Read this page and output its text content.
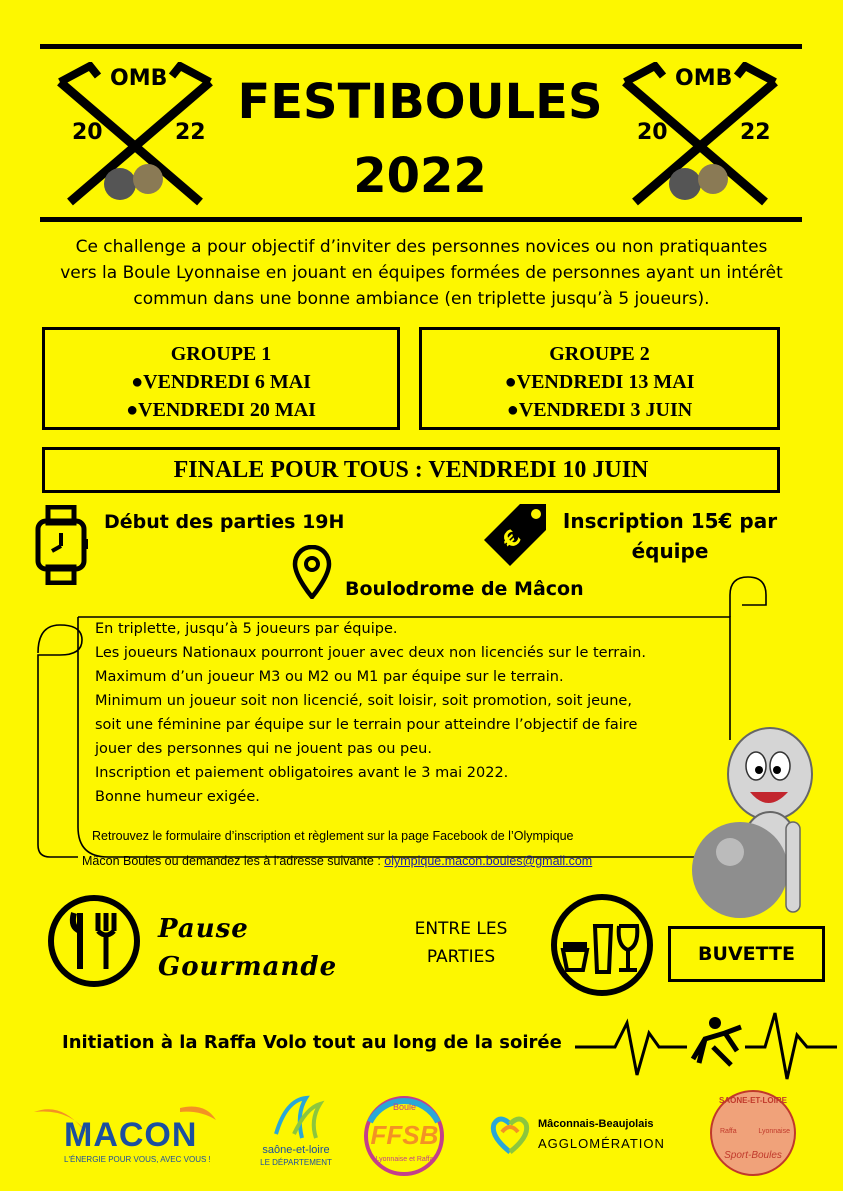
OMB
20	22
OMB
20	22
FESTIBOULES
2022
Ce challenge a pour objectif d’inviter des personnes novices ou non pratiquantes
vers la Boule Lyonnaise en jouant en équipes formées de personnes ayant un intérêt
commun dans une bonne ambiance (en triplette jusqu’à 5 joueurs).
GROUPE 1
●VENDREDI 6 MAI
●VENDREDI 20 MAI
GROUPE 2
●VENDREDI 13 MAI
●VENDREDI 3 JUIN
FINALE POUR TOUS : VENDREDI 10 JUIN
Début des parties 19H
€
Inscription 15€ par
équipe
Boulodrome de Mâcon
En triplette, jusqu’à 5 joueurs par équipe.
Les joueurs Nationaux pourront jouer avec deux non licenciés sur le terrain.
Maximum d’un joueur M3 ou M2 ou M1 par équipe sur le terrain.
Minimum un joueur soit non licencié, soit loisir, soit promotion, soit jeune,
soit une féminine par équipe sur le terrain pour atteindre l’objectif de faire
jouer des personnes qui ne jouent pas ou peu.
Inscription et paiement obligatoires avant le 3 mai 2022.
Bonne humeur exigée.
Retrouvez le formulaire d’inscription et règlement sur la page Facebook de l’Olympique
Mâcon Boules ou demandez les à l’adresse suivante : olympique.macon.boules@gmail.com
Pause
Gourmande
ENTRE LES
PARTIES	BUVETTE
Initiation à la Raffa Volo tout au long de la soirée
MACON
L'ÉNERGIE POUR VOUS, AVEC VOUS !
saône-et-loire
LE DÉPARTEMENT
Boule
FFSB
Lyonnaise et Raffa
Mâconnais-Beaujolais
AGGLOMÉRATION
SAÔNE-ET-LOIRE
Raffa	Lyonnaise
Sport-Boules
